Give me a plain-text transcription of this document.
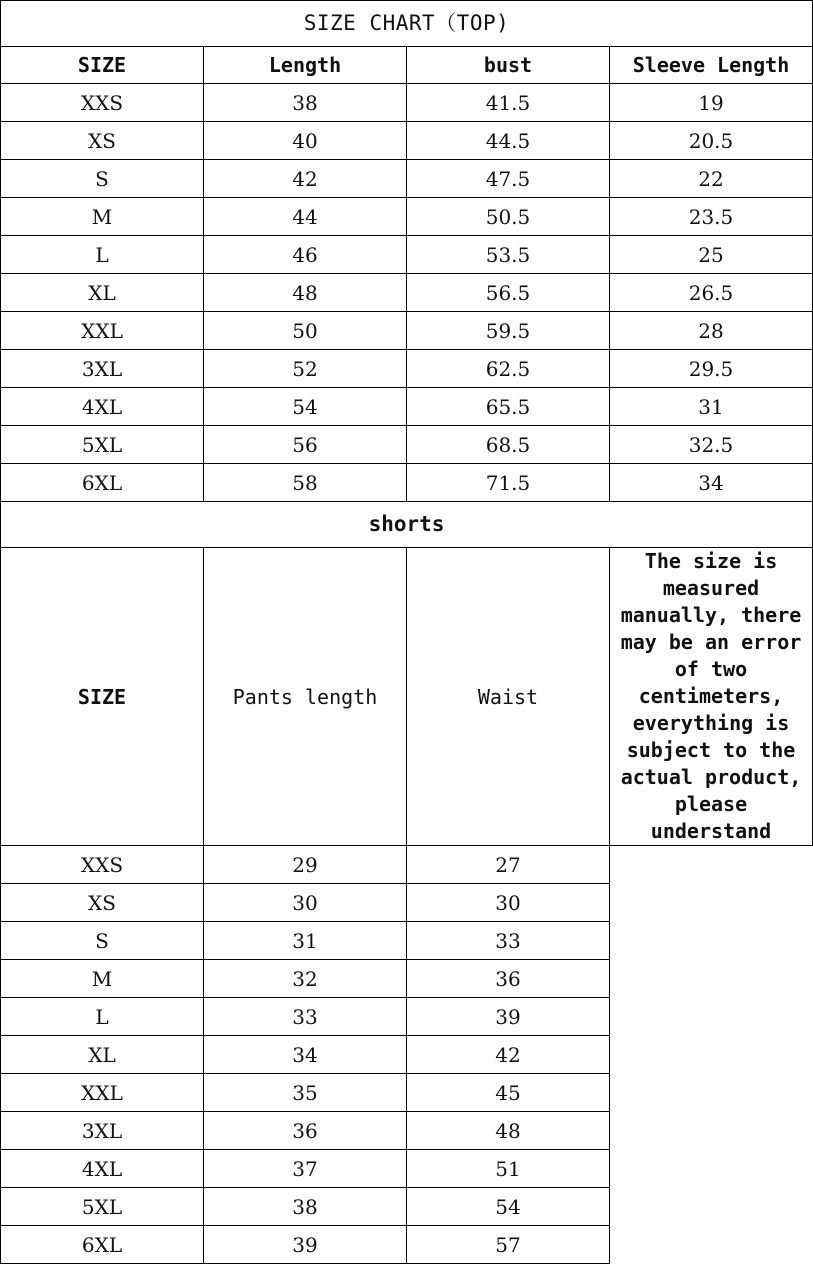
SIZE CHART（TOP)			
SIZE	Length	bust	Sleeve Length
XXS	38	41.5	19
XS	40	44.5	20.5
S	42	47.5	22
M	44	50.5	23.5
L	46	53.5	25
XL	48	56.5	26.5
XXL	50	59.5	28
3XL	52	62.5	29.5
4XL	54	65.5	31
5XL	56	68.5	32.5
6XL	58	71.5	34
shorts			
SIZE	Pants length	Waist	The size is measured manually, there may be an error of two centimeters, everything is subject to the actual product, please understand
XXS	29	27	
XS	30	30	
S	31	33	
M	32	36	
L	33	39	
XL	34	42	
XXL	35	45	
3XL	36	48	
4XL	37	51	
5XL	38	54	
6XL	39	57	
